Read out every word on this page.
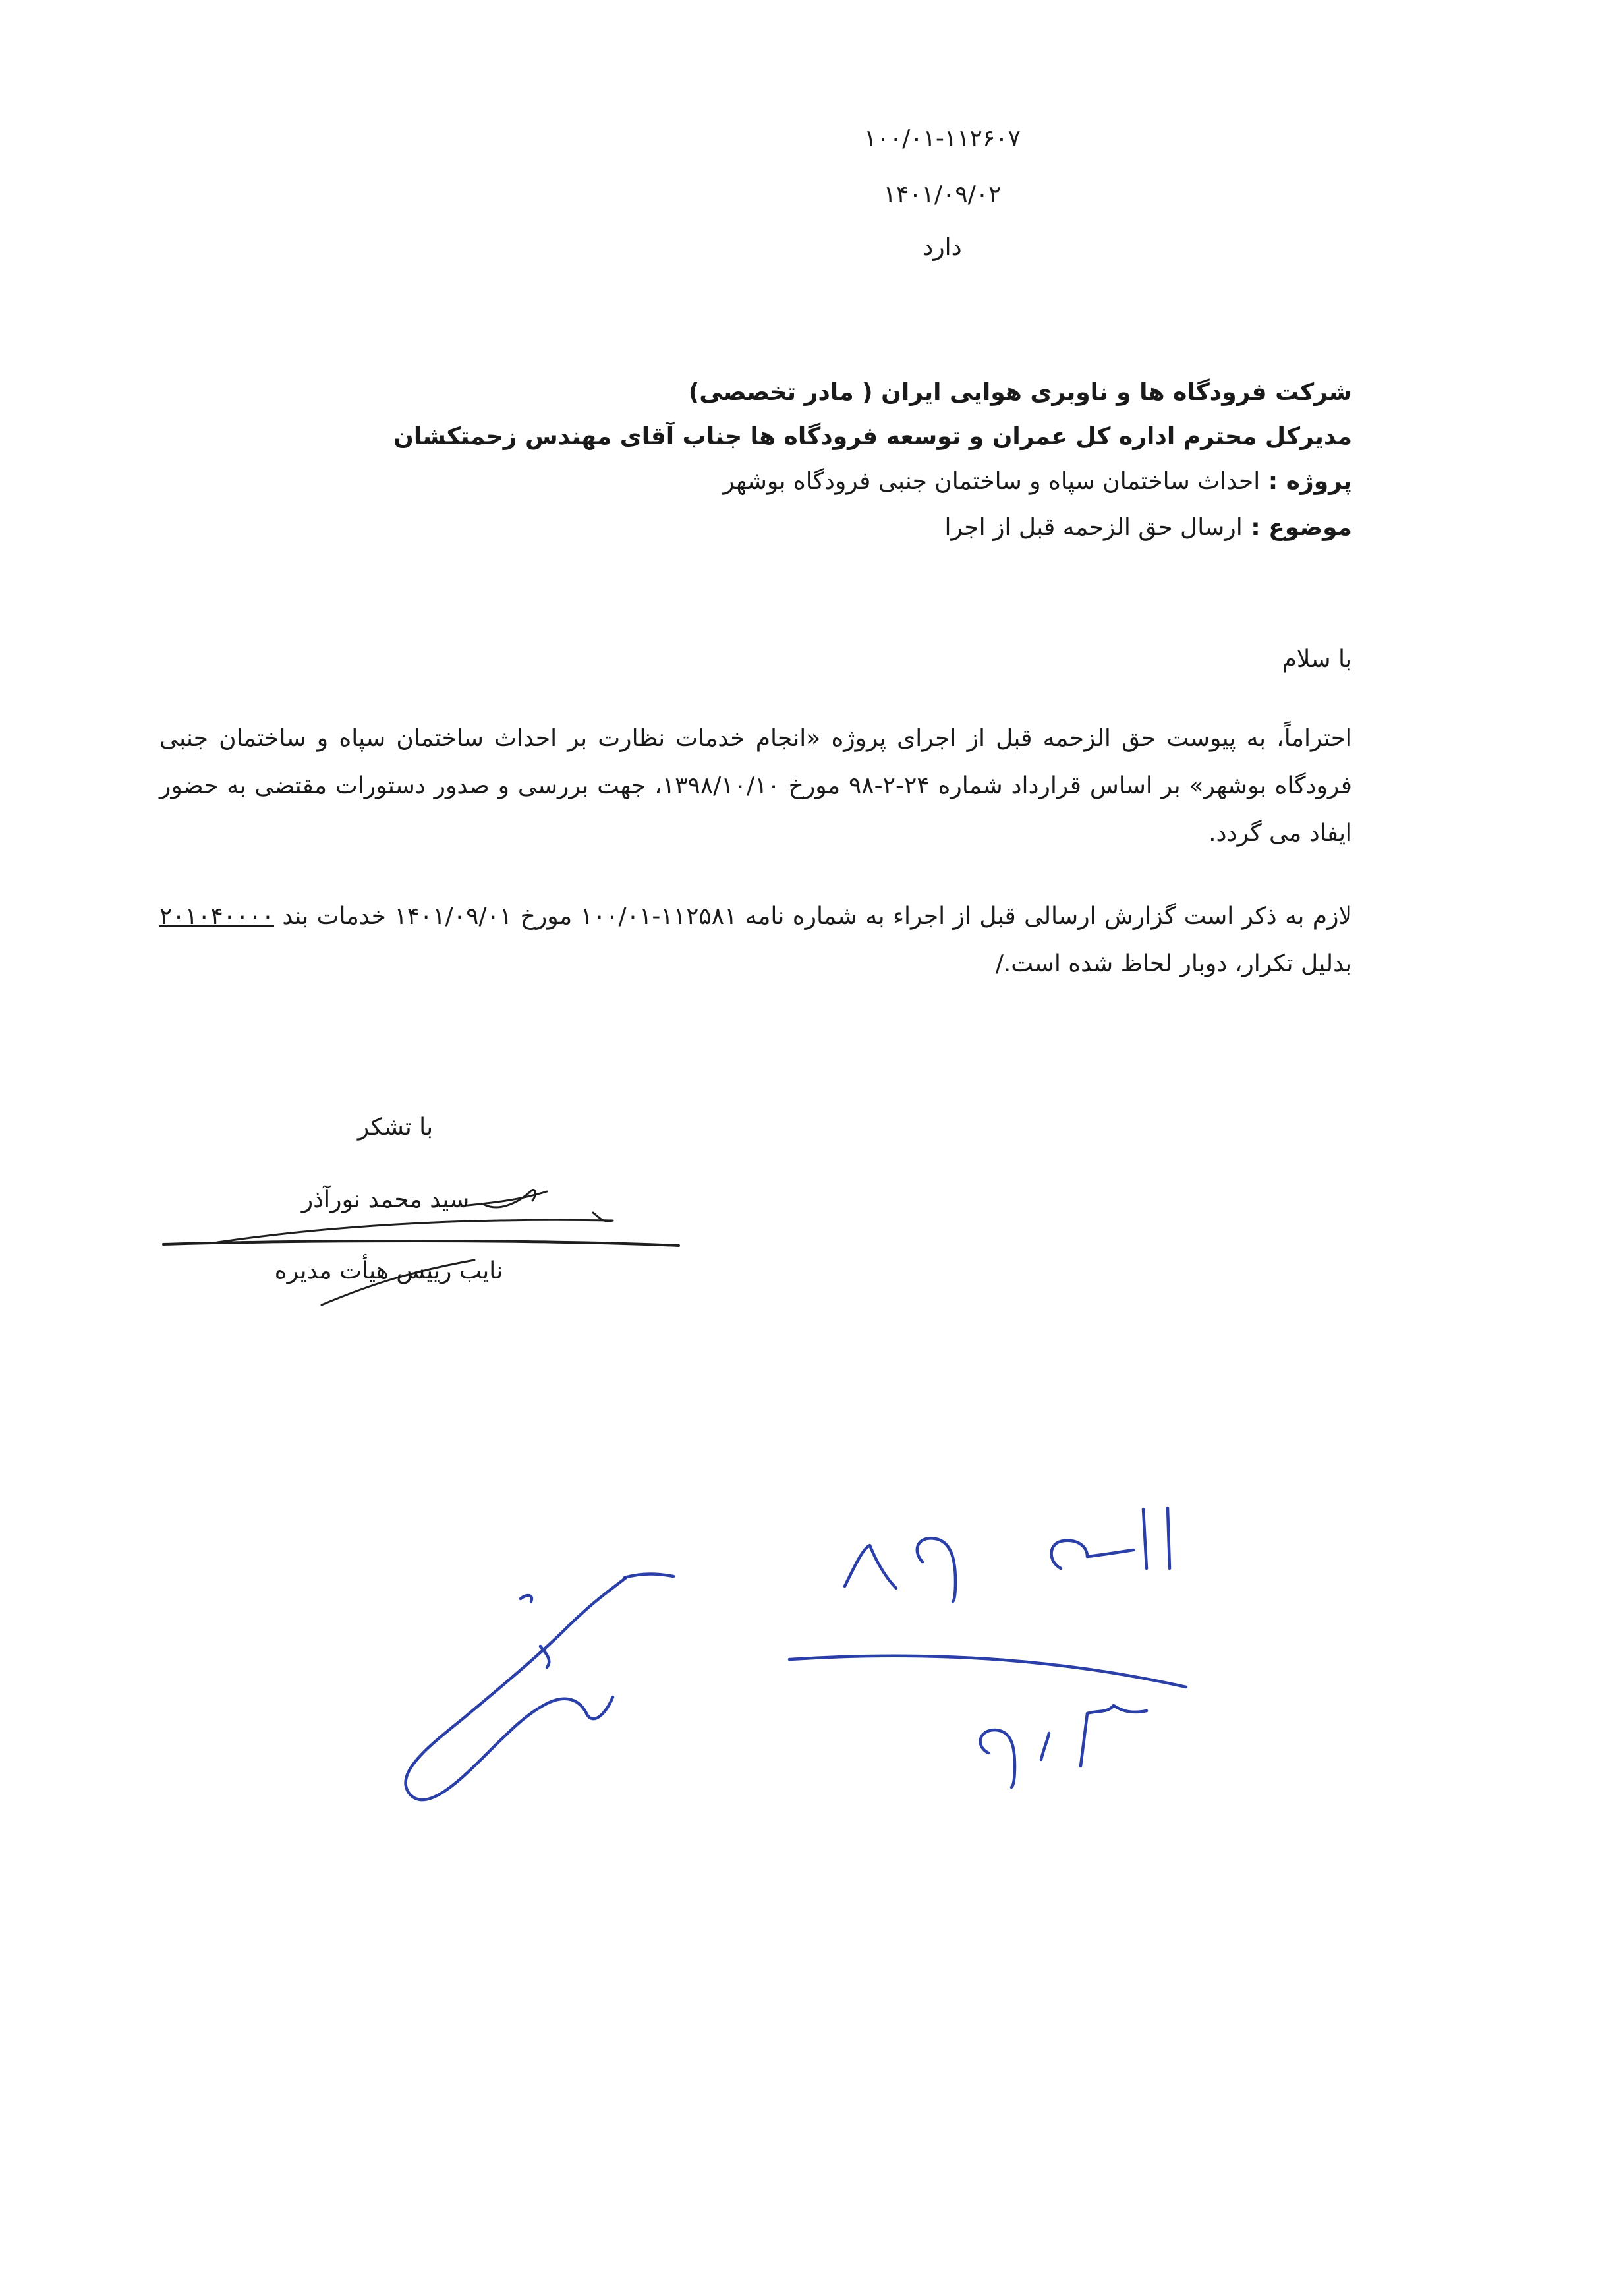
۱۰۰/۰۱-۱۱۲۶۰۷
۱۴۰۱/۰۹/۰۲
دارد
شرکت فرودگاه ها و ناوبری هوایی ایران ( مادر تخصصی)
مدیرکل محترم اداره کل عمران و توسعه فرودگاه ها جناب آقای مهندس زحمتکشان
پروژه : احداث ساختمان سپاه و ساختمان جنبی فرودگاه بوشهر
موضوع : ارسال حق الزحمه قبل از اجرا
با سلام
احتراماً، به پیوست حق الزحمه قبل از اجرای پروژه «انجام خدمات نظارت بر احداث ساختمان سپاه و ساختمان جنبی فرودگاه بوشهر» بر اساس قرارداد شماره ۲۴-۲-۹۸ مورخ ۱۳۹۸/۱۰/۱۰، جهت بررسی و صدور دستورات مقتضی به حضور ایفاد می گردد.
لازم به ذکر است گزارش ارسالی قبل از اجراء به شماره نامه ۱۱۲۵۸۱-۱۰۰/۰۱ مورخ ۱۴۰۱/۰۹/۰۱ خدمات بند ۲۰۱۰۴۰۰۰۰ بدلیل تکرار، دوبار لحاظ شده است./
با تشکر
سید محمد نورآذر
نایب رییس هیأت مدیره
